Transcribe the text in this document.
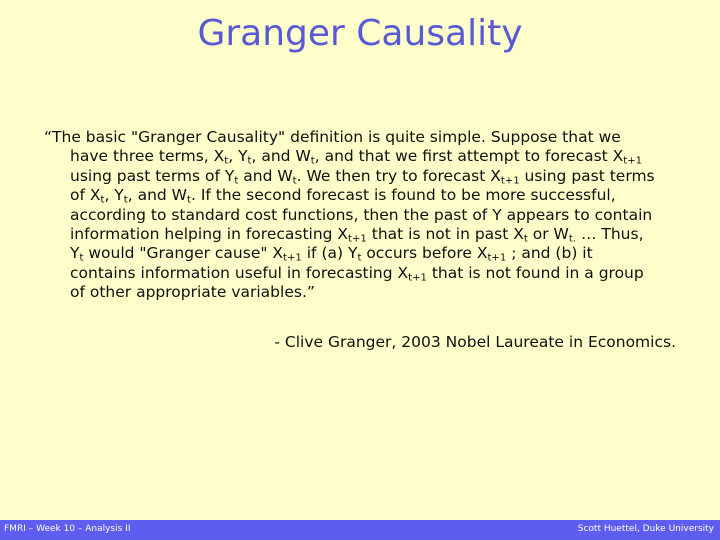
Granger Causality
“The basic "Granger Causality" definition is quite simple. Suppose that we
have three terms, $X_t$, $Y_t$, and $W_t$, and that we first attempt to forecast $X_{t+1}$
using past terms of $Y_t$ and $W_t$. We then try to forecast $X_{t+1}$ using past terms
of $X_t$, $Y_t$, and $W_t$. If the second forecast is found to be more successful,
according to standard cost functions, then the past of Y appears to contain
information helping in forecasting $X_{t+1}$ that is not in past $X_t$ or $W_{t.}$ … Thus,
$Y_t$ would "Granger cause" $X_{t+1}$ if (a) $Y_t$ occurs before $X_{t+1}$ ; and (b) it
contains information useful in forecasting $X_{t+1}$ that is not found in a group
of other appropriate variables.”
- Clive Granger, 2003 Nobel Laureate in Economics.
FMRI – Week 10 – Analysis II	Scott Huettel, Duke University
